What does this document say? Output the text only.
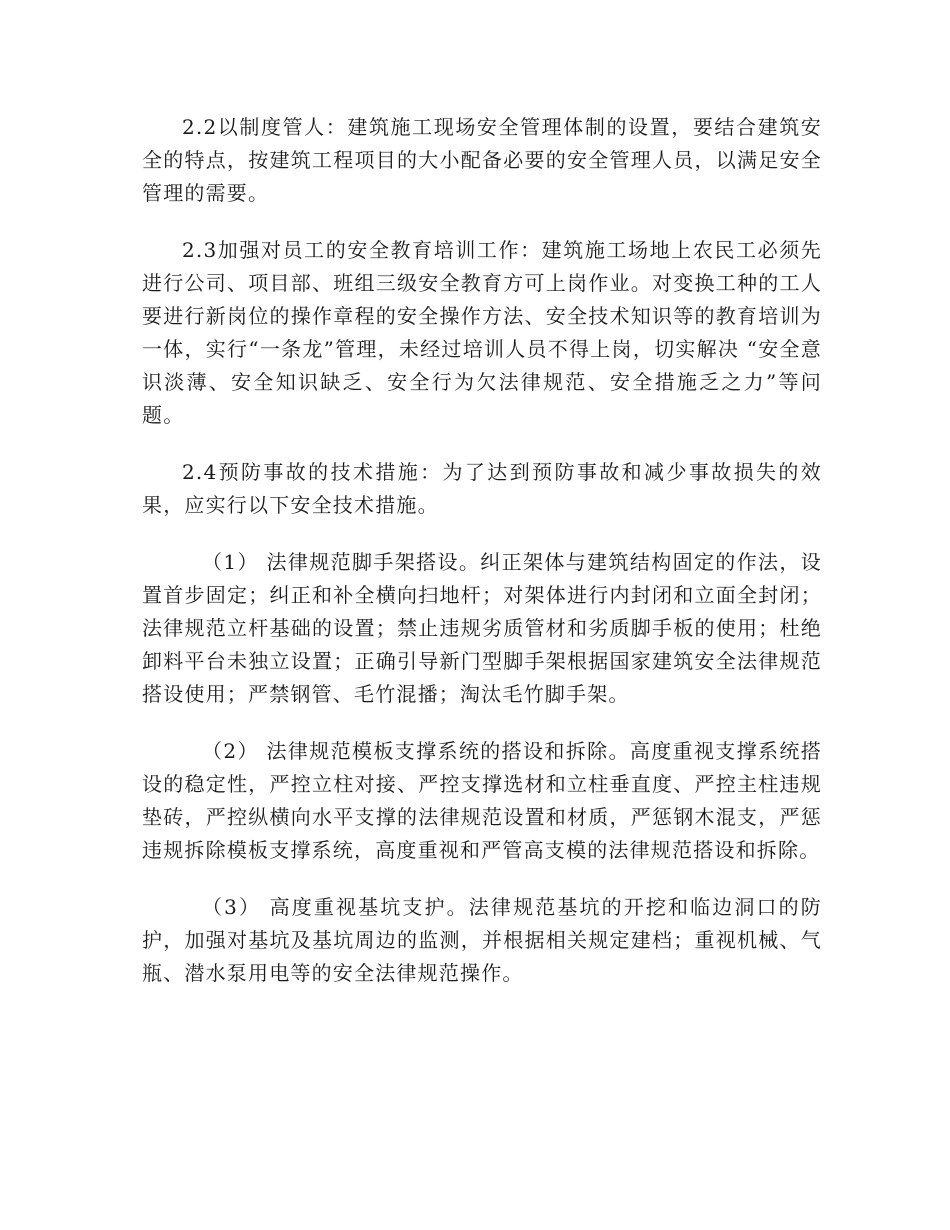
2.2以制度管人：建筑施工现场安全管理体制的设置，要结合建筑安全的特点，按建筑工程项目的大小配备必要的安全管理人员，以满足安全管理的需要。

2.3加强对员工的安全教育培训工作：建筑施工场地上农民工必须先进行公司、项目部、班组三级安全教育方可上岗作业。对变换工种的工人要进行新岗位的操作章程的安全操作方法、安全技术知识等的教育培训为一体，实行“一条龙”管理，未经过培训人员不得上岗，切实解决 “安全意识淡薄、安全知识缺乏、安全行为欠法律规范、安全措施乏之力”等问题。

2.4预防事故的技术措施：为了达到预防事故和减少事故损失的效果，应实行以下安全技术措施。

（1） 法律规范脚手架搭设。纠正架体与建筑结构固定的作法，设置首步固定；纠正和补全横向扫地杆；对架体进行内封闭和立面全封闭；法律规范立杆基础的设置；禁止违规劣质管材和劣质脚手板的使用；杜绝卸料平台未独立设置；正确引导新门型脚手架根据国家建筑安全法律规范搭设使用；严禁钢管、毛竹混播；淘汰毛竹脚手架。

（2） 法律规范模板支撑系统的搭设和拆除。高度重视支撑系统搭设的稳定性，严控立柱对接、严控支撑选材和立柱垂直度、严控主柱违规垫砖，严控纵横向水平支撑的法律规范设置和材质，严惩钢木混支，严惩违规拆除模板支撑系统，高度重视和严管高支模的法律规范搭设和拆除。

（3） 高度重视基坑支护。法律规范基坑的开挖和临边洞口的防护，加强对基坑及基坑周边的监测，并根据相关规定建档；重视机械、气瓶、潜水泵用电等的安全法律规范操作。
